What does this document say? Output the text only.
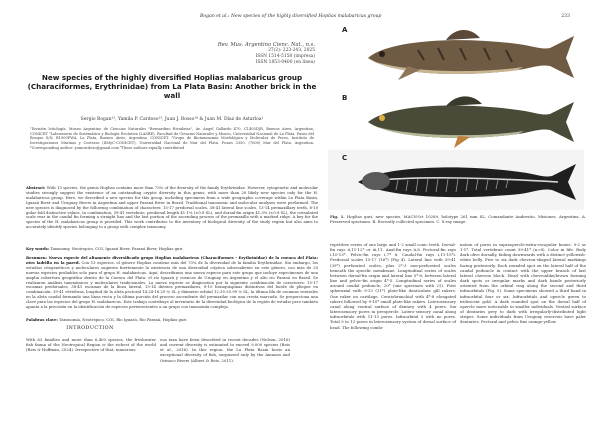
Bogan et al.: New species of the highly diversified Hoplias malabaricus group	233
Rev. Mus. Argentino Cienc. Nat., n.s.
27(2): 223-243, 2025
ISSN 1514-5158 (impresa)
ISSN 1853-0400 (en línea)
New species of the highly diversified Hoplias malabaricus group (Characiformes, Erythrinidae) from La Plata Basin: Another brick in the wall
Sergio Bogan¹², Yamila P. Cardoso¹³, Juan J. Rosso¹⁴ & Juan M. Díaz de Astarloa¹

¹División Ictiología, Museo Argentino de Ciencias Naturales "Bernardino Rivadavia", Av. Ángel Gallardo 470, C1405DJR, Buenos Aires, Argentina; CONICET ²Laboratorio de Sistemática y Biología Evolutiva (LASBE), Facultad de Ciencias Naturales y Museo, Universidad Nacional de La Plata, Paseo del Bosque S/N, B1900FWA, La Plata, Buenos Aires, Argentina. CONICET. ³Grupo de Biotaxonomía Morfológica y Molecular de Peces, Instituto de Investigaciones Marinas y Costeras (IIMyC-CONICET), Universidad Nacional de Mar del Plata, Funes 3350, (7600) Mar del Plata, Argentina. *Corresponding author: yamcardoso@gmail.com ⁴These authors equally contributed

Abstract: With 13 species, the genus Hoplias contains more than 73% of the diversity of the family Erythrinidae. However, cytogenetic and molecular studies strongly suggest the existence of an outstanding cryptic diversity in this genus, with more than 20 likely new species only for the H. malabaricus group. Here, we described a new species for this group, including specimens from a wide geographic coverage within La Plata Basin, Iguazú River and Uruguay Rivers in Argentina and upper Paraná River in Brazil. Traditional taxonomic and molecular analyses were performed. The new species is diagnosed by the following combination of characters: 15-17 predorsal scales, 38-41 lateral line scales, 13-14 premaxillary teeth, 8-10 gular fold distinctive values. In combination, 39-41 vertebrae, predorsal length 41.1% (±0.8 SL), and dorsal-fin origin 41.3% (±0.8 SL), the crenulated scale rear in the caudal fin forming a straight line and the last portion of the ascending process of the premaxilla with a marked ridge. A key for the species of the H. malabaricus group is provided. This work contributes to the inventory of biological diversity of the study region but also aims to accurately identify species belonging to a group with complex taxonomy.

Key words: Taxonomy, Neotropics, COI, Iguazú River, Paraná River, Hoplias guri

Resumen: Nueva especie del altamente diversificado grupo Hoplias malabaricus (Characiformes - Erythrinidae) de la cuenca del Plata: otro ladrillo en la pared. Con 13 especies, el género Hoplias contiene más del 73% de la diversidad de la familia Erythrinidae. Sin embargo, los estudios citogenéticos y moleculares sugieren fuertemente la existencia de una diversidad críptica sobresaliente en este género, con más de 20 nuevas especies probables solo para el grupo H. malabaricus. Aquí, describimos una nueva especie para este grupo que incluye especímenes de una amplia cobertura geográfica dentro de la Cuenca del Plata: el río Iguazú y cuencas de Uruguay en Argentina y el alto río Paraná en Brasil. Se realizaron análisis taxonómicos y moleculares tradicionales. La nueva especie se diagnostica por la siguiente combinación de caracteres: 15-17 escamas predorsales, 38-41 escamas de la línea lateral, 13-14 dientes premaxilares, 8-10 branquispinas distintivas del borde de pliegue en combinación: 39-41 vértebras, longitud de la aleta pectoral 14.24-18.29 % SL y diámetro orbital 12.35-20.99 % SL, la última fila de escamas ventrales en la aleta caudal formando una línea recta y la última porción del proceso ascendente del premaxilar con una cresta marcada. Se proporciona una clave para las especies del grupo H. malabaricus. Este trabajo contribuye al inventario de la diversidad biológica de la región de estudio pero también apunta a la precisión en la identificación de especies pertenecientes a un grupo con taxonomía compleja.

Palabras clave: Taxonomía, Neotrópico, COI, Río Iguazú, Río Paraná, Hoplias guri

INTRODUCTION

With 63 families and more than 6,400 species, the freshwater fish fauna of the Neotropical Region is the richest of the world (Reis & Hoffman, 2024). Irrespective of that, numerous

ous taxa have been described in recent decades (Nelson, 2016) and current diversity is estimated to exceed 9,000 species (Reis et al., 2016). In this region, the La Plata Basin hosts an exceptional diversity of fish, surpassed only by the Amazon and Orinoco Rivers (Albert & Reis, 2011).

A
B
C

Fig. 1. Hoplias guri, new species, MACN-Ict 10289, holotype 261 mm SL, Comandante Andresito, Misiones, Argentina. A. Preserved specimen. B. Recently collected specimen. C. X-ray image.

repetitive series of one large and 1-2 small conic teeth. Dorsal-fin rays ii,11-12* or iii,11. Anal-fin rays ii,8. Pectoral-fin rays i,10-13*. Pelvic-fin rays i,7* 8. Caudal-fin rays i,11-15*i. Predorsal scales 15-17 (16*) (Fig 4). Lateral line with 39-41 (39*) perforated scales, plus 2*-3 non-perforated scales beneath the specific membrane. Longitudinal series of scales between dorsal-fin origin and lateral line 5*-6; between lateral line and pelvic-fin origin 4*-5. Longitudinal series of scales around caudal peduncle, 20* (one specimen with 21). First spheraxial with 9-13 (11*) plate-like denticulate gill rakers. One raker on cartilage. Ceratobranchial with 4*-8 elongated rakers followed by 9-10* small plate-like rakers. Laterosensory canal along ventral surface of dentary with 4 pores. Six laterosensory pores in preopercle. Latero-sensory canal along infraorbitals with 11-13 pores. Infraorbital 5 with no pores. Total 9 to 12 pores in laterosensory system of dorsal surface of head. The following combi-

nation of pores in supraopercle-extra-escapular bones: 9-2 or 1-1*. Total vertebrae count 39-41* (n=8). Color in life. Body dark olive dorsally, fading downwards with a distinct yellowish-white belly. Five to six dark chevron-shaped lateral markings facing posteriorly. Each rounded spot on the lateral half of the caudal peduncle in contact with the upper branch of last lateral chevron block. Head with chevronlike/brown forming dark spots or irregular marks and dark bands posteriorly oriented from the orbital ring along the second and third infraorbitals (Fig. 5). Some specimens showed a third band in infraorbital four or six. Infraorbitals and opercle green to iridescent gold. A dark rounded spot on the dorsal half of opercle more noticeable in smaller individuals. Ventral surface of dentaries grey to dark with irregularly-distributed light stripes. Some individuals from Uruguay reservoir have paler dentaries. Pectoral and pelvic fins orange-yellow
